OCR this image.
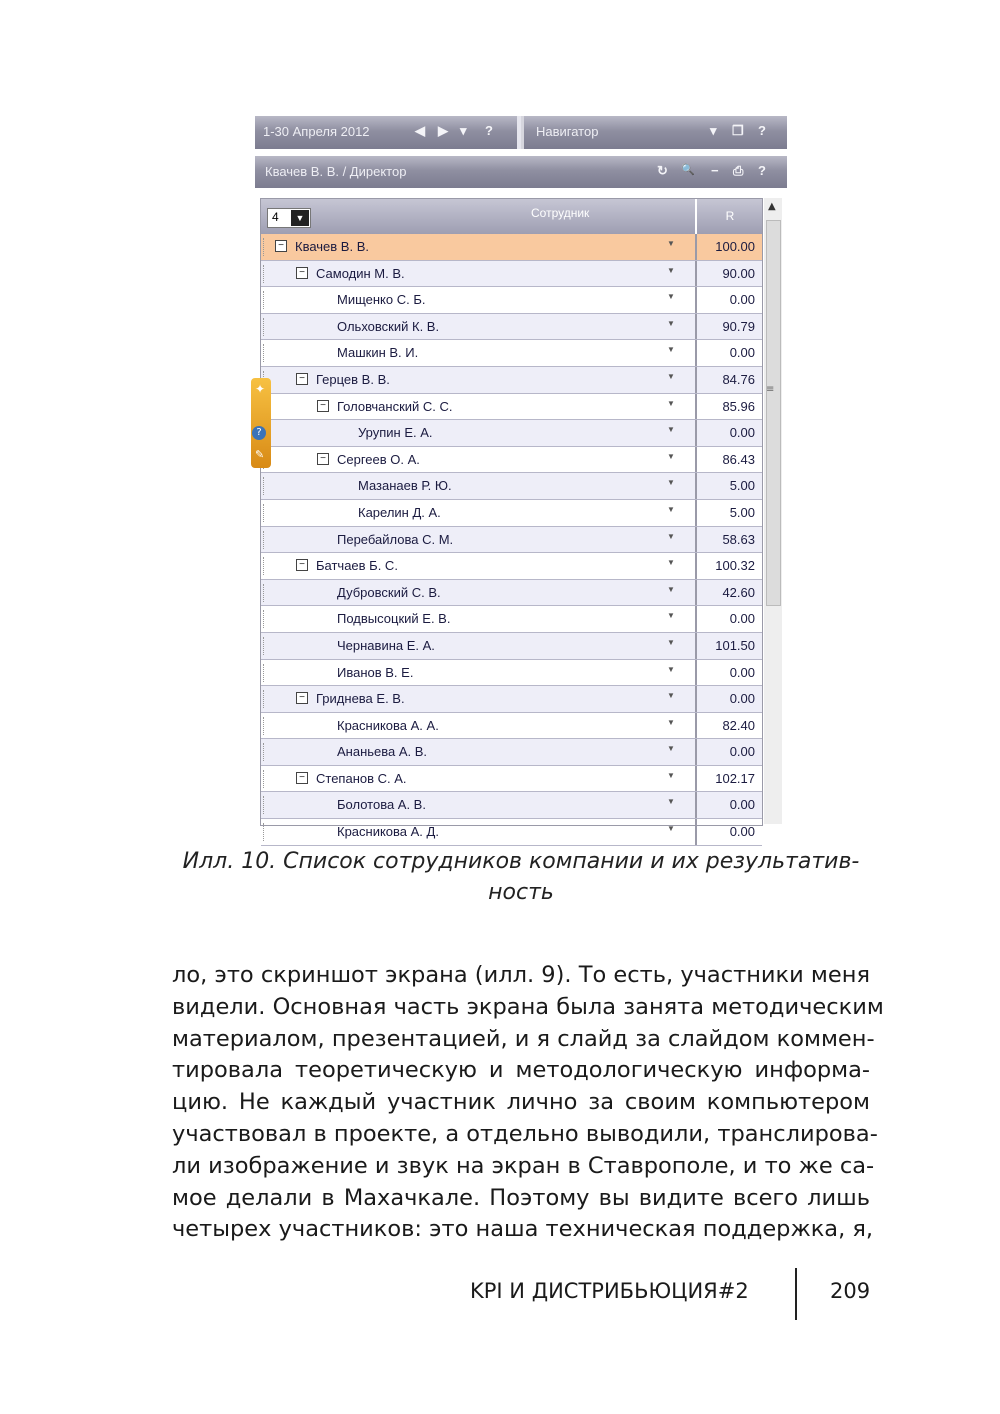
1-30 Апреля 2012	◀ ▶ ▾ ?	Навигатор	▾ ❐ ?
Квачев В. В. / Директор	↻ 🔍 − ⎙ ?
4	▼	Сотрудник	R
− Квачев В. В.	▼	100.00
− Самодин М. В.	▼	90.00
Мищенко С. Б.	▼	0.00
Ольховский К. В.	▼	90.79
Машкин В. И.	▼	0.00
− Герцев В. В.	▼	84.76
− Головчанский С. С.	▼	85.96
Урупин Е. А.	▼	0.00
− Сергеев О. А.	▼	86.43
Мазанаев Р. Ю.	▼	5.00
Карелин Д. А.	▼	5.00
Перебайлова С. М.	▼	58.63
− Батчаев Б. С.	▼	100.32
Дубровский С. В.	▼	42.60
Подвысоцкий Е. В.	▼	0.00
Чернавина Е. А.	▼	101.50
Иванов В. Е.	▼	0.00
− Гриднева Е. В.	▼	0.00
Красникова А. А.	▼	82.40
Ананьева А. В.	▼	0.00
− Степанов С. А.	▼	102.17
Болотова А. В.	▼	0.00
Красникова А. Д.	▼	0.00
▲
≡
✦
?
✎
Илл. 10. Список сотрудников компании и их результатив-
ность
ло, это скриншот экрана (илл. 9). То есть, участники меня
видели. Основная часть экрана была занята методическим
материалом, презентацией, и я слайд за слайдом коммен-
тировала теоретическую и методологическую информа-
цию. Не каждый участник лично за своим компьютером
участвовал в проекте, а отдельно выводили, транслирова-
ли изображение и звук на экран в Ставрополе, и то же са-
мое делали в Махачкале. Поэтому вы видите всего лишь
четырех участников: это наша техническая поддержка, я,
KPI И ДИСТРИБЬЮЦИЯ#2	209
